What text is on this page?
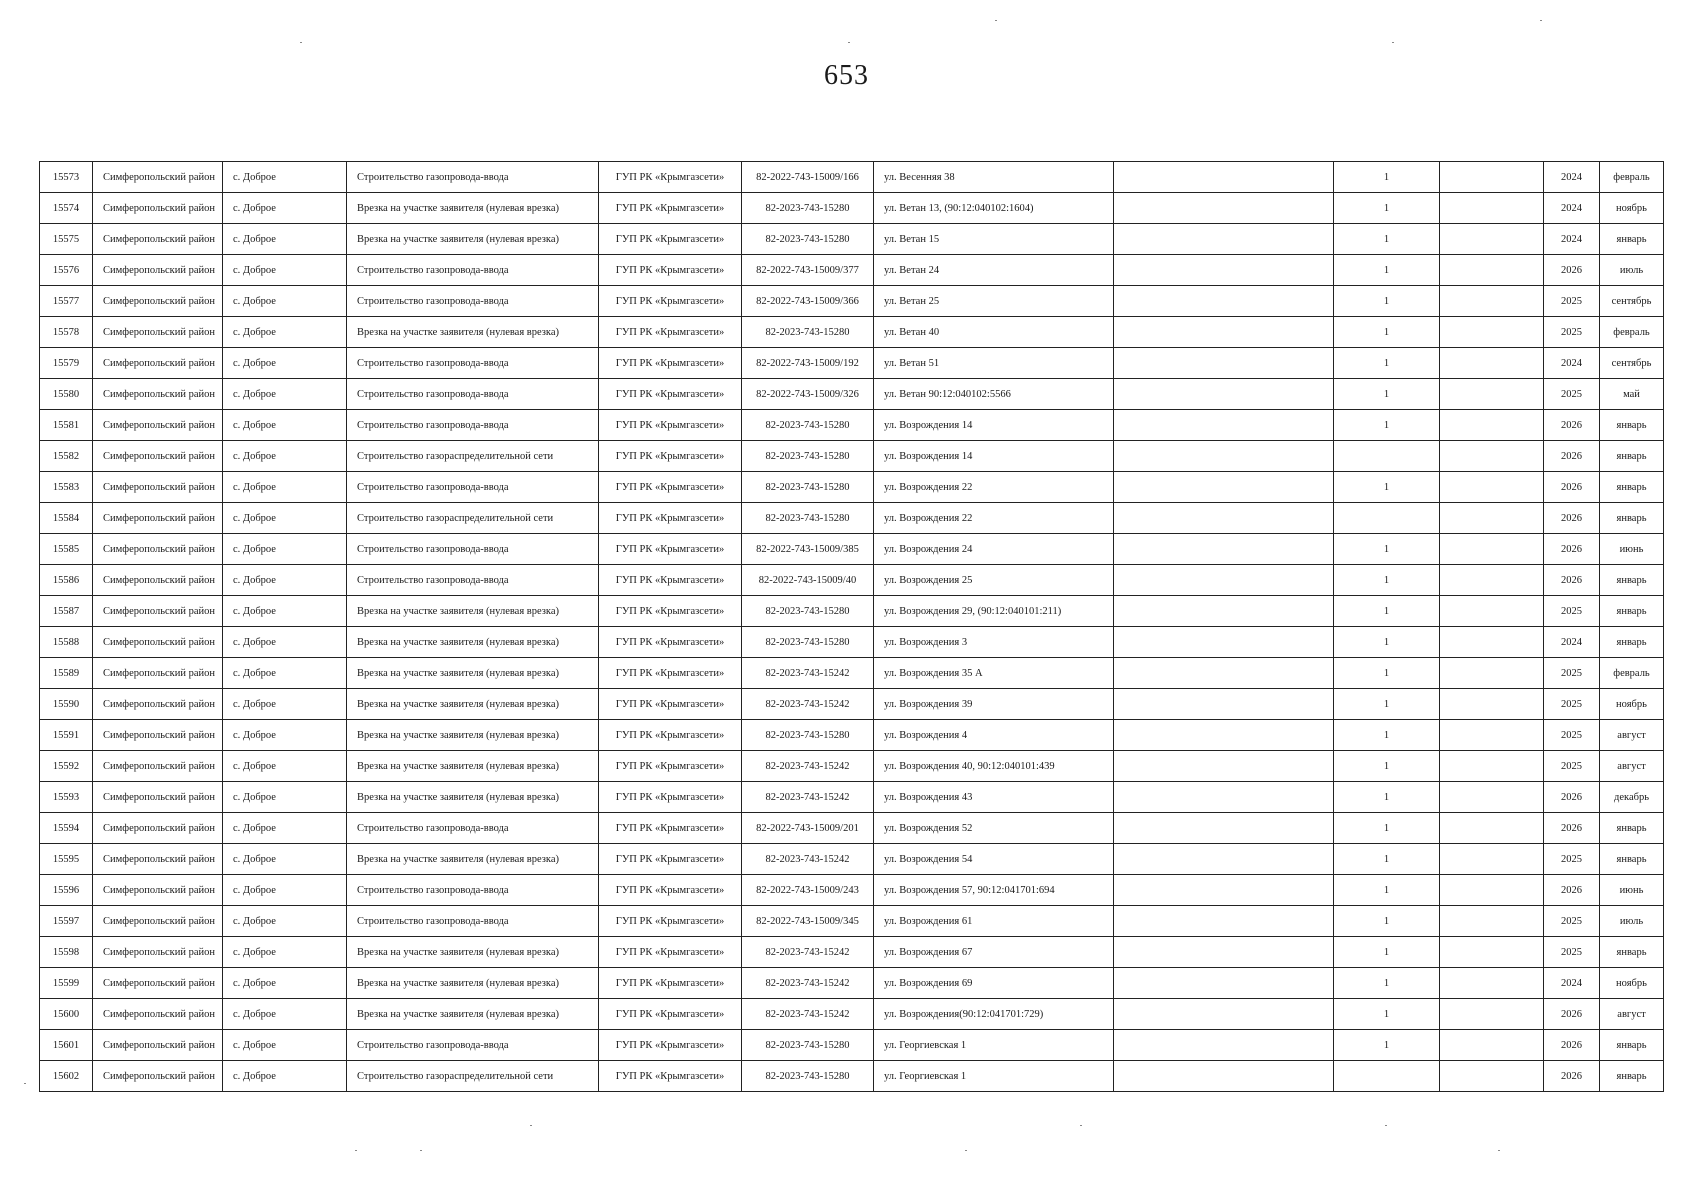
653
15573	Симферопольский район	с. Доброе	Строительство газопровода-ввода	ГУП РК «Крымгазсети»	82-2022-743-15009/166	ул. Весенняя 38		1		2024	февраль
15574	Симферопольский район	с. Доброе	Врезка на участке заявителя (нулевая врезка)	ГУП РК «Крымгазсети»	82-2023-743-15280	ул. Ветан 13, (90:12:040102:1604)		1		2024	ноябрь
15575	Симферопольский район	с. Доброе	Врезка на участке заявителя (нулевая врезка)	ГУП РК «Крымгазсети»	82-2023-743-15280	ул. Ветан 15		1		2024	январь
15576	Симферопольский район	с. Доброе	Строительство газопровода-ввода	ГУП РК «Крымгазсети»	82-2022-743-15009/377	ул. Ветан 24		1		2026	июль
15577	Симферопольский район	с. Доброе	Строительство газопровода-ввода	ГУП РК «Крымгазсети»	82-2022-743-15009/366	ул. Ветан 25		1		2025	сентябрь
15578	Симферопольский район	с. Доброе	Врезка на участке заявителя (нулевая врезка)	ГУП РК «Крымгазсети»	82-2023-743-15280	ул. Ветан 40		1		2025	февраль
15579	Симферопольский район	с. Доброе	Строительство газопровода-ввода	ГУП РК «Крымгазсети»	82-2022-743-15009/192	ул. Ветан 51		1		2024	сентябрь
15580	Симферопольский район	с. Доброе	Строительство газопровода-ввода	ГУП РК «Крымгазсети»	82-2022-743-15009/326	ул. Ветан 90:12:040102:5566		1		2025	май
15581	Симферопольский район	с. Доброе	Строительство газопровода-ввода	ГУП РК «Крымгазсети»	82-2023-743-15280	ул. Возрождения 14		1		2026	январь
15582	Симферопольский район	с. Доброе	Строительство газораспределительной сети	ГУП РК «Крымгазсети»	82-2023-743-15280	ул. Возрождения 14				2026	январь
15583	Симферопольский район	с. Доброе	Строительство газопровода-ввода	ГУП РК «Крымгазсети»	82-2023-743-15280	ул. Возрождения 22		1		2026	январь
15584	Симферопольский район	с. Доброе	Строительство газораспределительной сети	ГУП РК «Крымгазсети»	82-2023-743-15280	ул. Возрождения 22				2026	январь
15585	Симферопольский район	с. Доброе	Строительство газопровода-ввода	ГУП РК «Крымгазсети»	82-2022-743-15009/385	ул. Возрождения 24		1		2026	июнь
15586	Симферопольский район	с. Доброе	Строительство газопровода-ввода	ГУП РК «Крымгазсети»	82-2022-743-15009/40	ул. Возрождения 25		1		2026	январь
15587	Симферопольский район	с. Доброе	Врезка на участке заявителя (нулевая врезка)	ГУП РК «Крымгазсети»	82-2023-743-15280	ул. Возрождения 29, (90:12:040101:211)		1		2025	январь
15588	Симферопольский район	с. Доброе	Врезка на участке заявителя (нулевая врезка)	ГУП РК «Крымгазсети»	82-2023-743-15280	ул. Возрождения 3		1		2024	январь
15589	Симферопольский район	с. Доброе	Врезка на участке заявителя (нулевая врезка)	ГУП РК «Крымгазсети»	82-2023-743-15242	ул. Возрождения 35 А		1		2025	февраль
15590	Симферопольский район	с. Доброе	Врезка на участке заявителя (нулевая врезка)	ГУП РК «Крымгазсети»	82-2023-743-15242	ул. Возрождения 39		1		2025	ноябрь
15591	Симферопольский район	с. Доброе	Врезка на участке заявителя (нулевая врезка)	ГУП РК «Крымгазсети»	82-2023-743-15280	ул. Возрождения 4		1		2025	август
15592	Симферопольский район	с. Доброе	Врезка на участке заявителя (нулевая врезка)	ГУП РК «Крымгазсети»	82-2023-743-15242	ул. Возрождения 40, 90:12:040101:439		1		2025	август
15593	Симферопольский район	с. Доброе	Врезка на участке заявителя (нулевая врезка)	ГУП РК «Крымгазсети»	82-2023-743-15242	ул. Возрождения 43		1		2026	декабрь
15594	Симферопольский район	с. Доброе	Строительство газопровода-ввода	ГУП РК «Крымгазсети»	82-2022-743-15009/201	ул. Возрождения 52		1		2026	январь
15595	Симферопольский район	с. Доброе	Врезка на участке заявителя (нулевая врезка)	ГУП РК «Крымгазсети»	82-2023-743-15242	ул. Возрождения 54		1		2025	январь
15596	Симферопольский район	с. Доброе	Строительство газопровода-ввода	ГУП РК «Крымгазсети»	82-2022-743-15009/243	ул. Возрождения 57, 90:12:041701:694		1		2026	июнь
15597	Симферопольский район	с. Доброе	Строительство газопровода-ввода	ГУП РК «Крымгазсети»	82-2022-743-15009/345	ул. Возрождения 61		1		2025	июль
15598	Симферопольский район	с. Доброе	Врезка на участке заявителя (нулевая врезка)	ГУП РК «Крымгазсети»	82-2023-743-15242	ул. Возрождения 67		1		2025	январь
15599	Симферопольский район	с. Доброе	Врезка на участке заявителя (нулевая врезка)	ГУП РК «Крымгазсети»	82-2023-743-15242	ул. Возрождения 69		1		2024	ноябрь
15600	Симферопольский район	с. Доброе	Врезка на участке заявителя (нулевая врезка)	ГУП РК «Крымгазсети»	82-2023-743-15242	ул. Возрождения(90:12:041701:729)		1		2026	август
15601	Симферопольский район	с. Доброе	Строительство газопровода-ввода	ГУП РК «Крымгазсети»	82-2023-743-15280	ул. Георгиевская 1		1		2026	январь
15602	Симферопольский район	с. Доброе	Строительство газораспределительной сети	ГУП РК «Крымгазсети»	82-2023-743-15280	ул. Георгиевская 1				2026	январь
